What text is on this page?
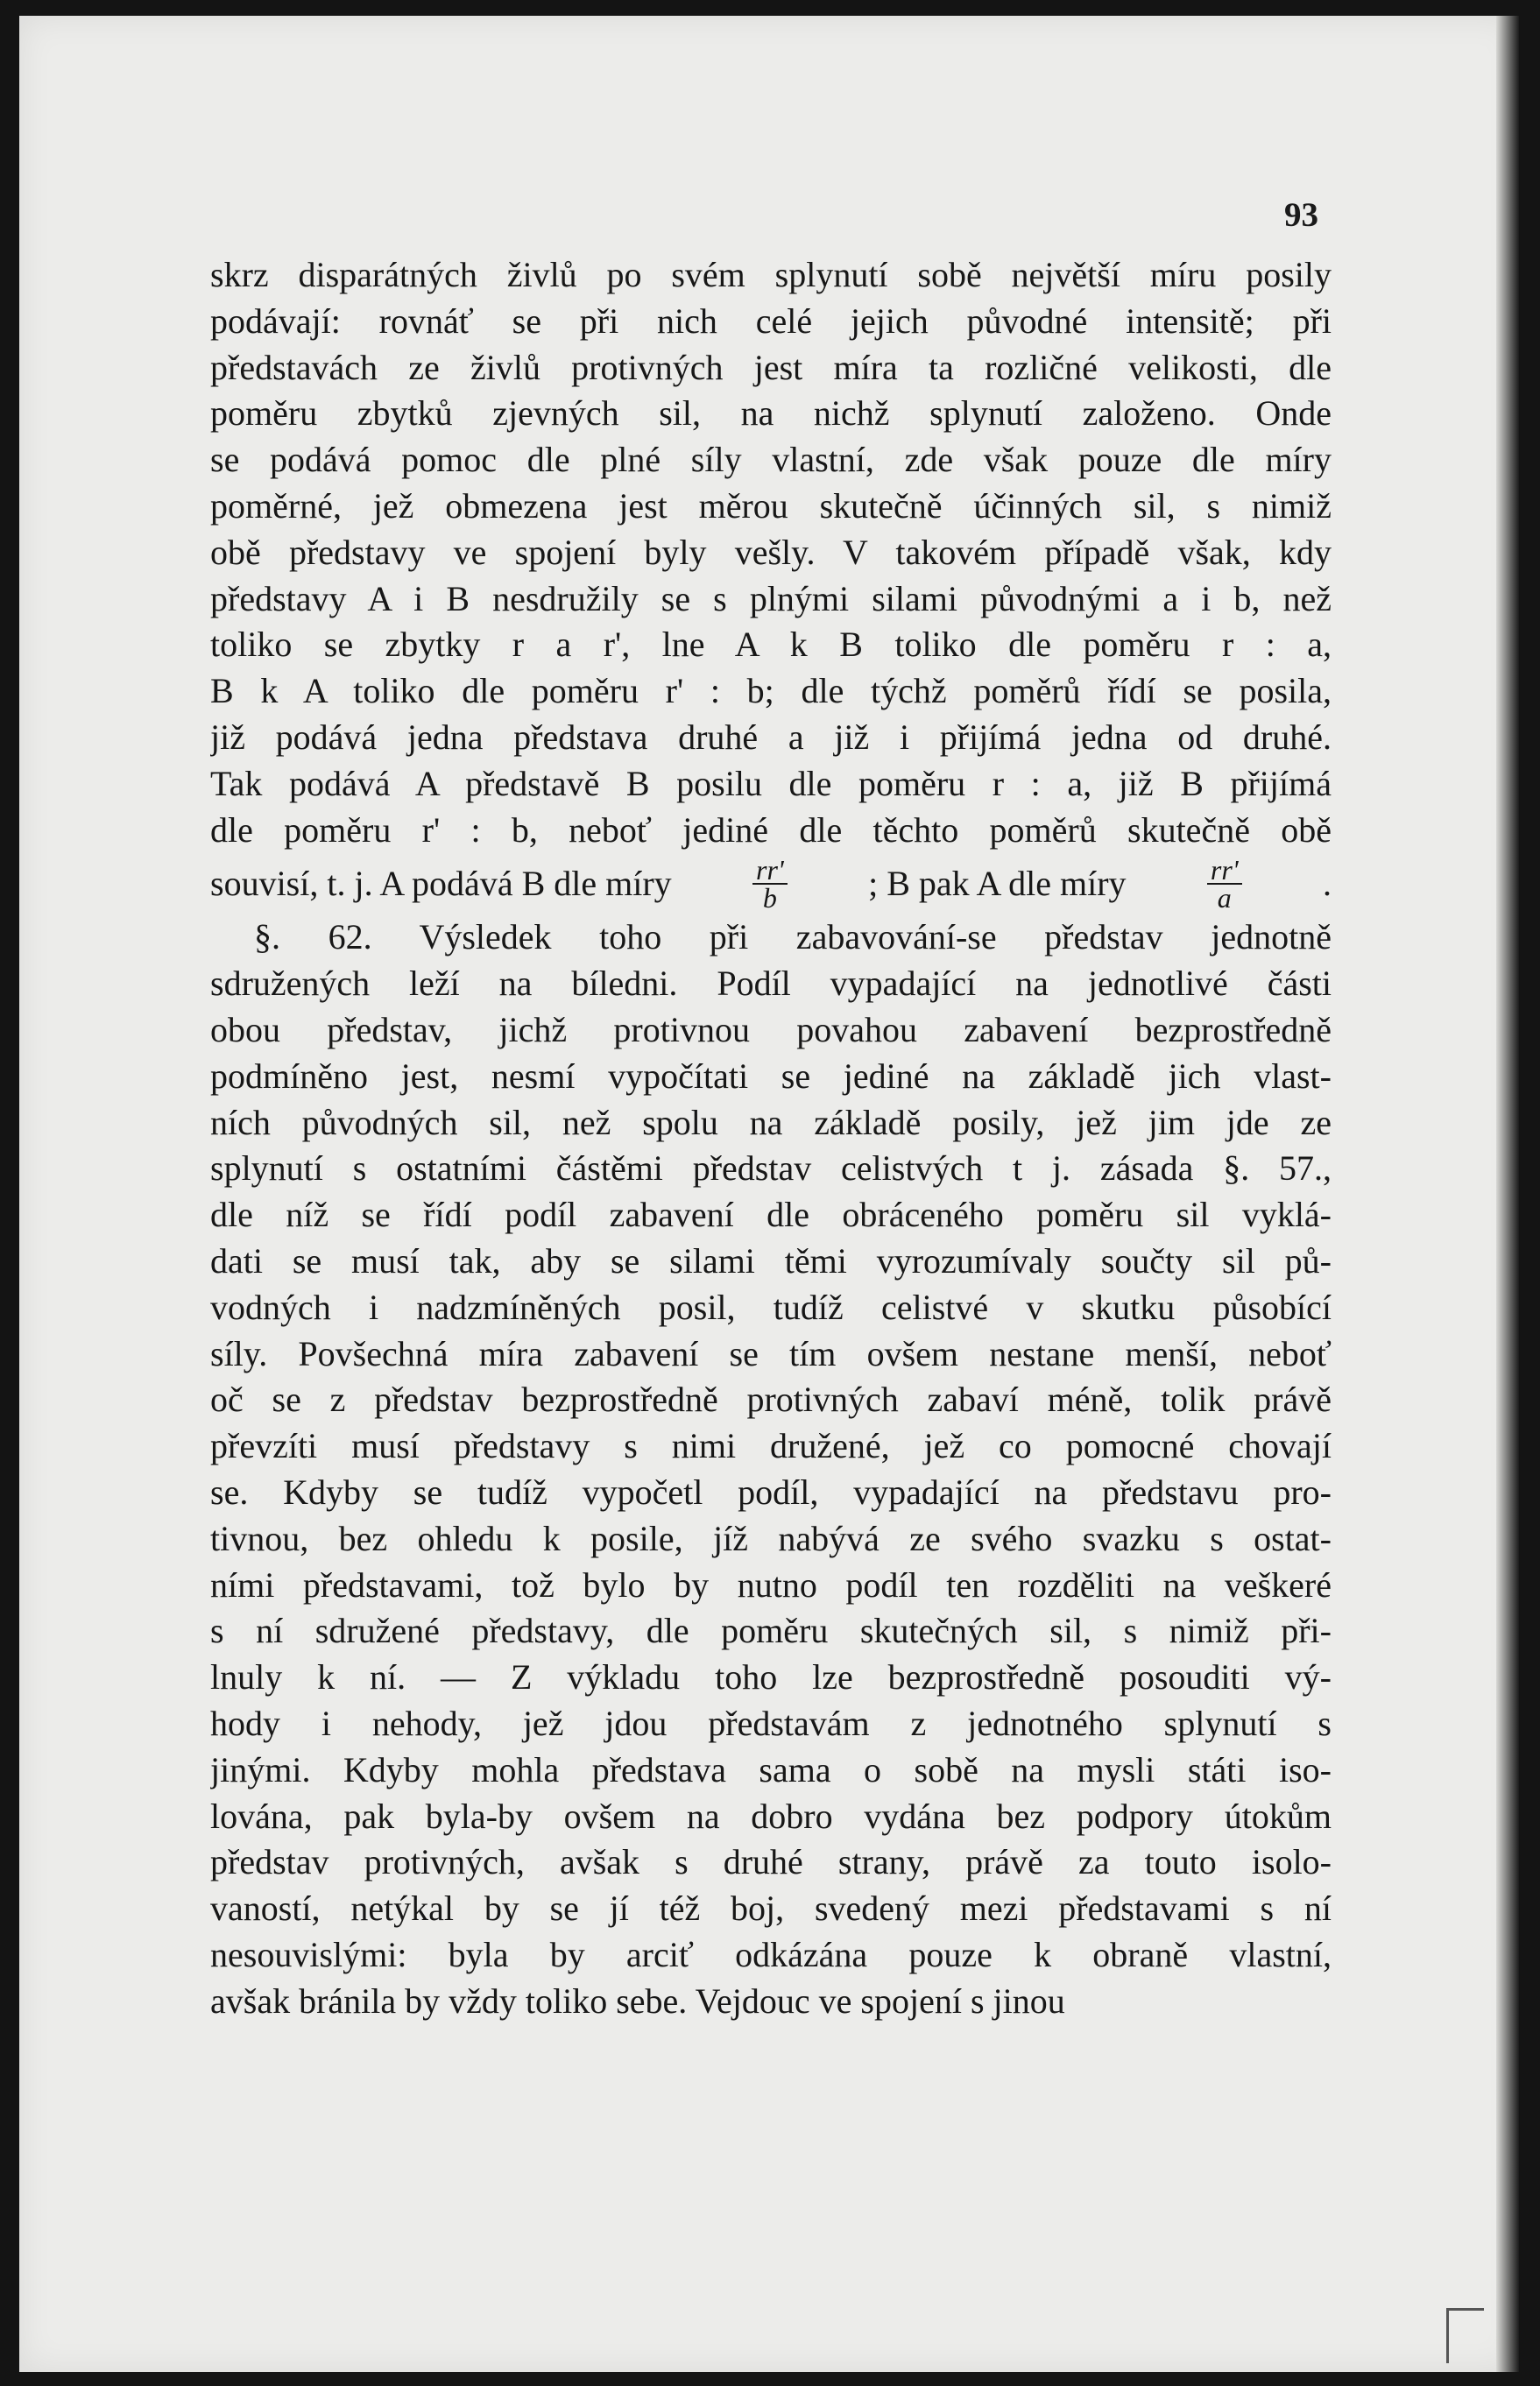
93
skrz disparátných živlů po svém splynutí sobě největší míru posily
podávají: rovnáť se při nich celé jejich původné intensitě; při
představách ze živlů protivných jest míra ta rozličné velikosti, dle
poměru zbytků zjevných sil, na nichž splynutí založeno. Onde
se podává pomoc dle plné síly vlastní, zde však pouze dle míry
poměrné, jež obmezena jest měrou skutečně účinných sil, s nimiž
obě představy ve spojení byly vešly. V takovém případě však, kdy
představy A i B nesdružily se s plnými silami původnými a i b, než
toliko se zbytky r a r', lne A k B toliko dle poměru r : a,
B k A toliko dle poměru r' : b; dle týchž poměrů řídí se posila,
již podává jedna představa druhé a již i přijímá jedna od druhé.
Tak podává A představě B posilu dle poměru r : a, již B přijímá
dle poměru r' : b, neboť jediné dle těchto poměrů skutečně obě
souvisí, t. j. A podává B dle míry	$\frac{rr'}{b}$ ; B pak A dle míry	$\frac{rr'}{a}$ .
§. 62. Výsledek toho při zabavování-se představ jednotně
sdružených leží na bíledni. Podíl vypadající na jednotlivé části
obou představ, jichž protivnou povahou zabavení bezprostředně
podmíněno jest, nesmí vypočítati se jediné na základě jich vlast-
ních původných sil, než spolu na základě posily, jež jim jde ze
splynutí s ostatními částěmi představ celistvých t j. zásada §. 57.,
dle níž se řídí podíl zabavení dle obráceného poměru sil vyklá-
dati se musí tak, aby se silami těmi vyrozumívaly součty sil pů-
vodných i nadzmíněných posil, tudíž celistvé v skutku působící
síly. Povšechná míra zabavení se tím ovšem nestane menší, neboť
oč se z představ bezprostředně protivných zabaví méně, tolik právě
převzíti musí představy s nimi družené, jež co pomocné chovají
se. Kdyby se tudíž vypočetl podíl, vypadající na představu pro-
tivnou, bez ohledu k posile, jíž nabývá ze svého svazku s ostat-
ními představami, tož bylo by nutno podíl ten rozděliti na veškeré
s ní sdružené představy, dle poměru skutečných sil, s nimiž při-
lnuly k ní. — Z výkladu toho lze bezprostředně posouditi vý-
hody i nehody, jež jdou představám z jednotného splynutí s
jinými. Kdyby mohla představa sama o sobě na mysli státi iso-
lována, pak byla-by ovšem na dobro vydána bez podpory útokům
představ protivných, avšak s druhé strany, právě za touto isolo-
vaností, netýkal by se jí též boj, svedený mezi představami s ní
nesouvislými: byla by arciť odkázána pouze k obraně vlastní,
avšak bránila by vždy toliko sebe. Vejdouc ve spojení s jinou
